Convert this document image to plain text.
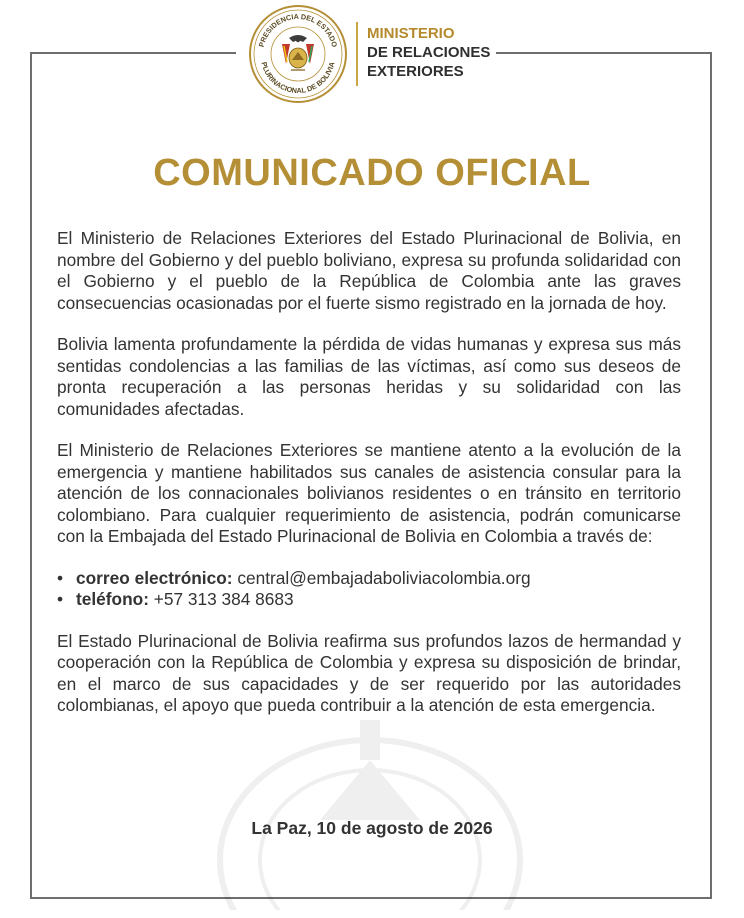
PRESIDENCIA DEL ESTADO
PLURINACIONAL DE BOLIVIA
MINISTERIO
DE RELACIONES
EXTERIORES
COMUNICADO OFICIAL

El Ministerio de Relaciones Exteriores del Estado Plurinacional de Bolivia, en nombre del Gobierno y del pueblo boliviano, expresa su profunda solidaridad con el Gobierno y el pueblo de la República de Colombia ante las graves consecuencias ocasionadas por el fuerte sismo registrado en la jornada de hoy.

Bolivia lamenta profundamente la pérdida de vidas humanas y expresa sus más sentidas condolencias a las familias de las víctimas, así como sus deseos de pronta recuperación a las personas heridas y su solidaridad con las comunidades afectadas.

El Ministerio de Relaciones Exteriores se mantiene atento a la evolución de la emergencia y mantiene habilitados sus canales de asistencia consular para la atención de los connacionales bolivianos residentes o en tránsito en territorio colombiano. Para cualquier requerimiento de asistencia, podrán comunicarse con la Embajada del Estado Plurinacional de Bolivia en Colombia a través de:

• correo electrónico: central@embajadaboliviacolombia.org
• teléfono: +57 313 384 8683

El Estado Plurinacional de Bolivia reafirma sus profundos lazos de hermandad y cooperación con la República de Colombia y expresa su disposición de brindar, en el marco de sus capacidades y de ser requerido por las autoridades colombianas, el apoyo que pueda contribuir a la atención de esta emergencia.

La Paz, 10 de agosto de 2026
